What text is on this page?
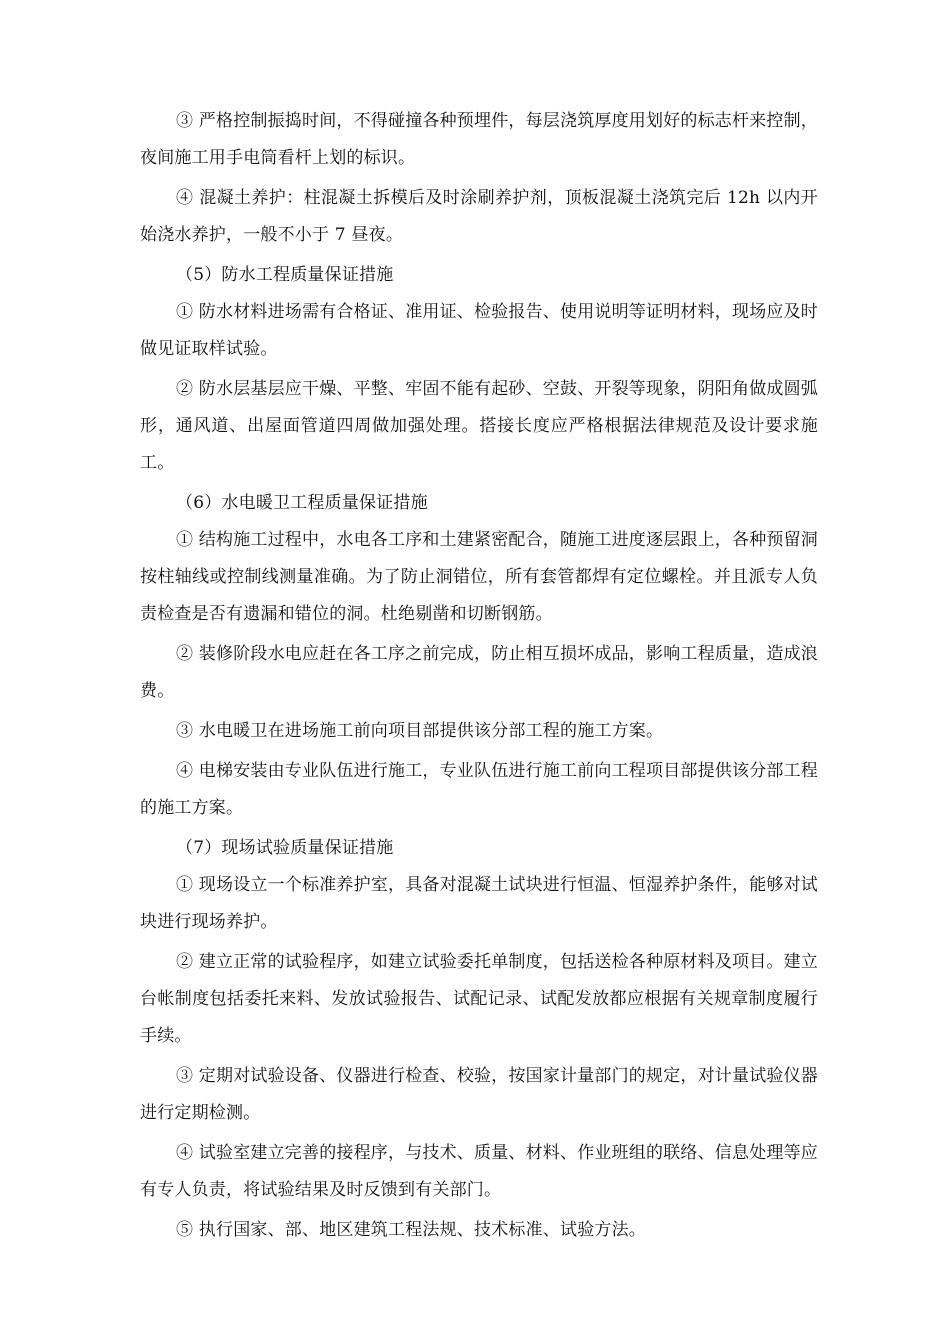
③ 严格控制振捣时间，不得碰撞各种预埋件，每层浇筑厚度用划好的标志杆来控制，夜间施工用手电筒看杆上划的标识。

④ 混凝土养护：柱混凝土拆模后及时涂刷养护剂，顶板混凝土浇筑完后 12h 以内开始浇水养护，一般不小于 7 昼夜。

（5）防水工程质量保证措施

① 防水材料进场需有合格证、准用证、检验报告、使用说明等证明材料，现场应及时做见证取样试验。

② 防水层基层应干燥、平整、牢固不能有起砂、空鼓、开裂等现象，阴阳角做成圆弧形，通风道、出屋面管道四周做加强处理。搭接长度应严格根据法律规范及设计要求施工。

（6）水电暖卫工程质量保证措施

① 结构施工过程中，水电各工序和土建紧密配合，随施工进度逐层跟上，各种预留洞按柱轴线或控制线测量准确。为了防止洞错位，所有套管都焊有定位螺栓。并且派专人负责检查是否有遗漏和错位的洞。杜绝剔凿和切断钢筋。

② 装修阶段水电应赶在各工序之前完成，防止相互损坏成品，影响工程质量，造成浪费。

③ 水电暖卫在进场施工前向项目部提供该分部工程的施工方案。

④ 电梯安装由专业队伍进行施工，专业队伍进行施工前向工程项目部提供该分部工程的施工方案。

（7）现场试验质量保证措施

① 现场设立一个标准养护室，具备对混凝土试块进行恒温、恒湿养护条件，能够对试块进行现场养护。

② 建立正常的试验程序，如建立试验委托单制度，包括送检各种原材料及项目。建立台帐制度包括委托来料、发放试验报告、试配记录、试配发放都应根据有关规章制度履行手续。

③ 定期对试验设备、仪器进行检查、校验，按国家计量部门的规定，对计量试验仪器进行定期检测。

④ 试验室建立完善的接程序，与技术、质量、材料、作业班组的联络、信息处理等应有专人负责，将试验结果及时反馈到有关部门。

⑤ 执行国家、部、地区建筑工程法规、技术标准、试验方法。
